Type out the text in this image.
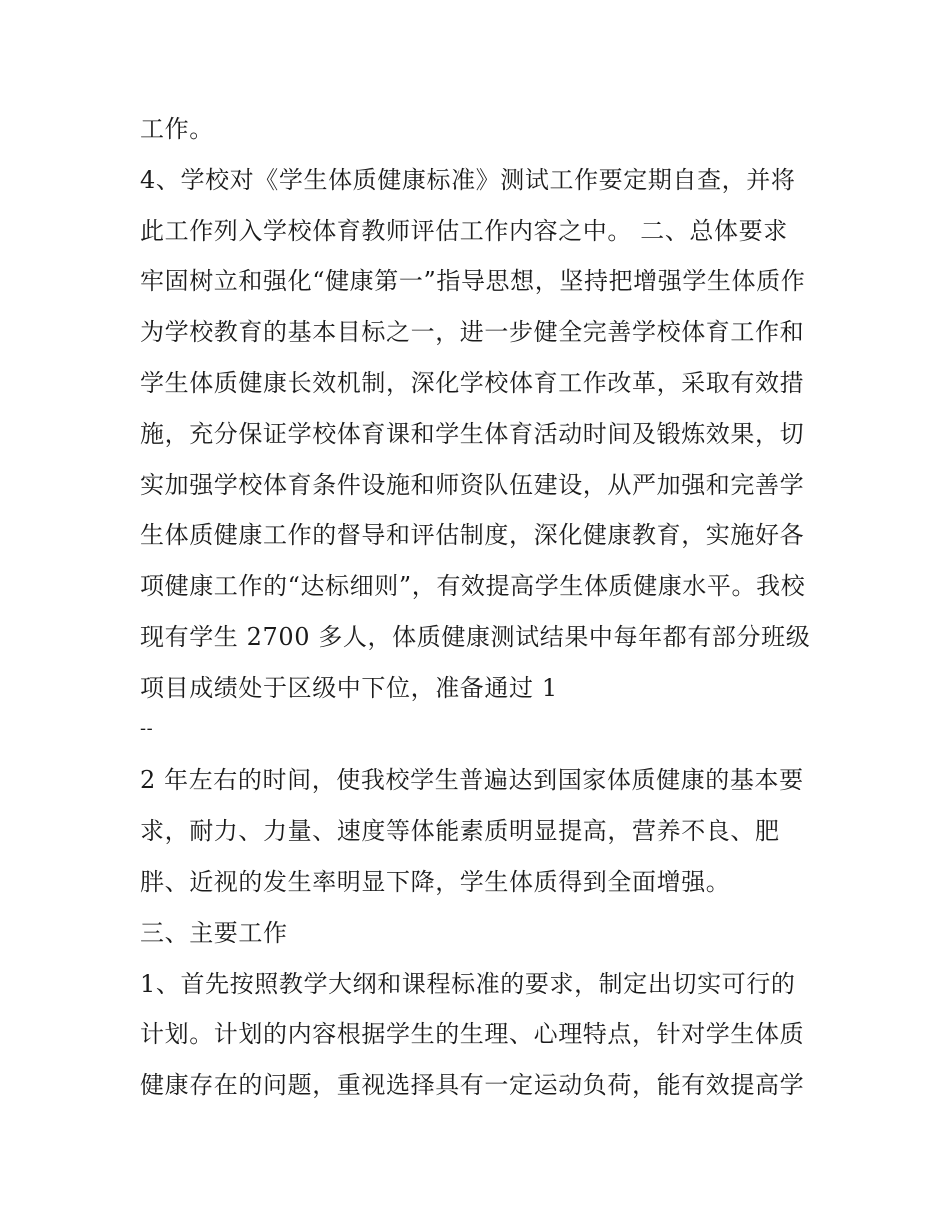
工作。
4、学校对《学生体质健康标准》测试工作要定期自查，并将
此工作列入学校体育教师评估工作内容之中。 二、总体要求
牢固树立和强化“健康第一”指导思想，坚持把增强学生体质作
为学校教育的基本目标之一，进一步健全完善学校体育工作和
学生体质健康长效机制，深化学校体育工作改革，采取有效措
施，充分保证学校体育课和学生体育活动时间及锻炼效果，切
实加强学校体育条件设施和师资队伍建设，从严加强和完善学
生体质健康工作的督导和评估制度，深化健康教育，实施好各
项健康工作的“达标细则”，有效提高学生体质健康水平。我校
现有学生 2700 多人，体质健康测试结果中每年都有部分班级
项目成绩处于区级中下位，准备通过 1
--
2 年左右的时间，使我校学生普遍达到国家体质健康的基本要
求，耐力、力量、速度等体能素质明显提高，营养不良、肥
胖、近视的发生率明显下降，学生体质得到全面增强。
三、主要工作
1、首先按照教学大纲和课程标准的要求，制定出切实可行的
计划。计划的内容根据学生的生理、心理特点，针对学生体质
健康存在的问题，重视选择具有一定运动负荷，能有效提高学
